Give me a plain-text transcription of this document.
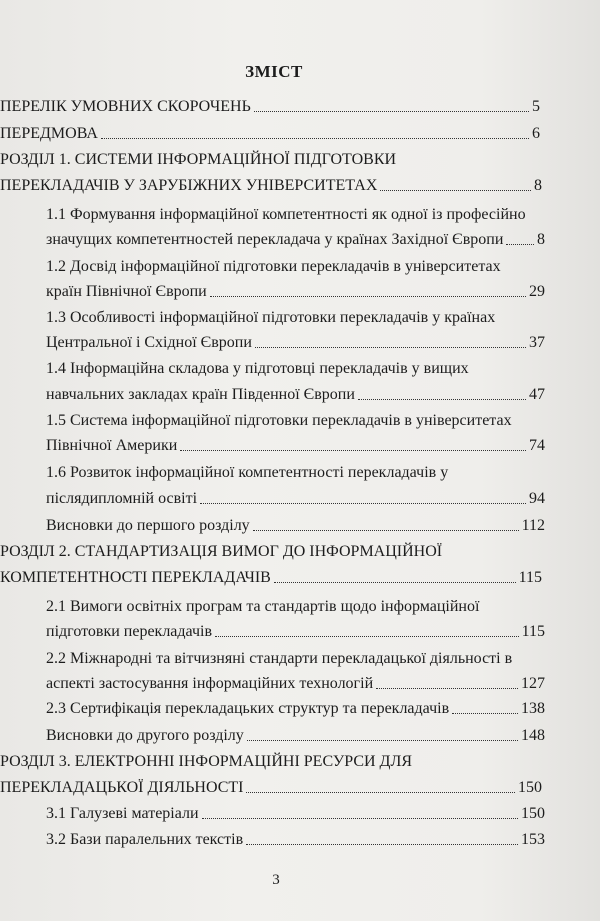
ЗМІСТ
ПЕРЕЛІК УМОВНИХ СКОРОЧЕНЬ	5
ПЕРЕДМОВА	6
РОЗДІЛ 1. СИСТЕМИ ІНФОРМАЦІЙНОЇ ПІДГОТОВКИ
ПЕРЕКЛАДАЧІВ У ЗАРУБІЖНИХ УНІВЕРСИТЕТАХ	8
1.1 Формування інформаційної компетентності як одної із професійно
значущих компетентностей перекладача у країнах Західної Європи 8
1.2 Досвід інформаційної підготовки перекладачів в університетах
країн Північної Європи	29
1.3 Особливості інформаційної підготовки перекладачів у країнах
Центральної і Східної Європи	37
1.4 Інформаційна складова у підготовці перекладачів у вищих
навчальних закладах країн Південної Європи	47
1.5 Система інформаційної підготовки перекладачів в університетах
Північної Америки	74
1.6 Розвиток інформаційної компетентності перекладачів у
післядипломній освіті	94
Висновки до першого розділу	112
РОЗДІЛ 2. СТАНДАРТИЗАЦІЯ ВИМОГ ДО ІНФОРМАЦІЙНОЇ
КОМПЕТЕНТНОСТІ ПЕРЕКЛАДАЧІВ	115
2.1 Вимоги освітніх програм та стандартів щодо інформаційної
підготовки перекладачів	115
2.2 Міжнародні та вітчизняні стандарти перекладацької діяльності в
аспекті застосування інформаційних технологій	127
2.3 Сертифікація перекладацьких структур та перекладачів	138
Висновки до другого розділу	148
РОЗДІЛ 3. ЕЛЕКТРОННІ ІНФОРМАЦІЙНІ РЕСУРСИ ДЛЯ
ПЕРЕКЛАДАЦЬКОЇ ДІЯЛЬНОСТІ	150
3.1 Галузеві матеріали	150
3.2 Бази паралельних текстів	153
3
